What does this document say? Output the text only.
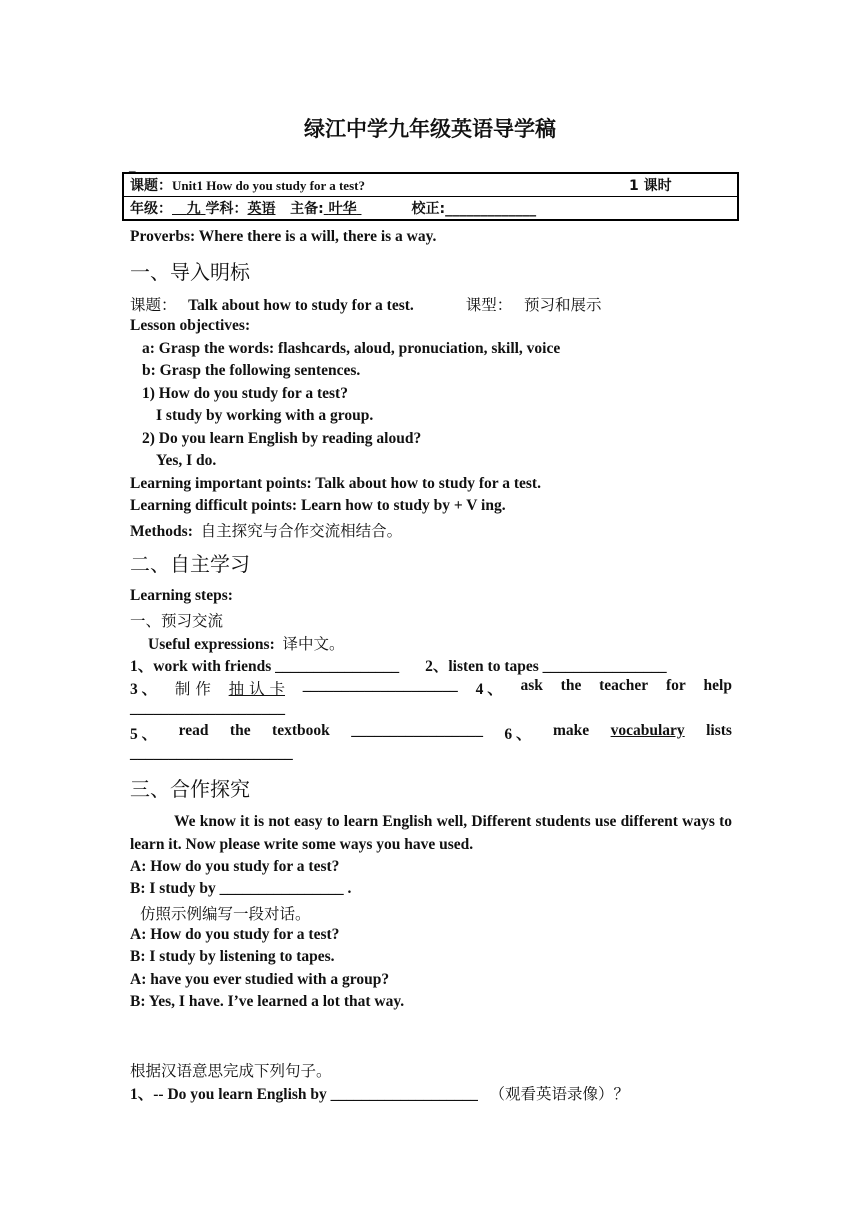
绿江中学九年级英语导学稿
_
课题：Unit1 How do you study for a test?	1 课时

年级： 九 学科：英语 主备: 叶华	校正:_____________
Proverbs: Where there is a will, there is a way.
一、导入明标
课题： Talk about how to study for a test.	课型： 预习和展示
Lesson objectives:
a: Grasp the words: flashcards, aloud, pronuciation, skill, voice
b: Grasp the following sentences.
1) How do you study for a test?
I study by working with a group.
2) Do you learn English by reading aloud?
Yes, I do.
Learning important points: Talk about how to study for a test.
Learning difficult points: Learn how to study by + V ing.
Methods: 自主探究与合作交流相结合。
二、自主学习
Learning steps:
一、预习交流
Useful expressions: 译中文。
1、work with friends ________________ 2、listen to tapes ________________
3 、 制 作 抽 认 卡 ____________________ 4 、 ask the teacher for help
____________________
5 、 read the textbook _________________ 6 、 make vocabulary lists
_____________________
三、合作探究
We know it is not easy to learn English well, Different students use different ways to learn it. Now please write some ways you have used.
A: How do you study for a test?
B: I study by ________________ .
仿照示例编写一段对话。
A: How do you study for a test?
B: I study by listening to tapes.
A: have you ever studied with a group?
B: Yes, I have. I’ve learned a lot that way.
根据汉语意思完成下列句子。
1、-- Do you learn English by ___________________ （观看英语录像）？
